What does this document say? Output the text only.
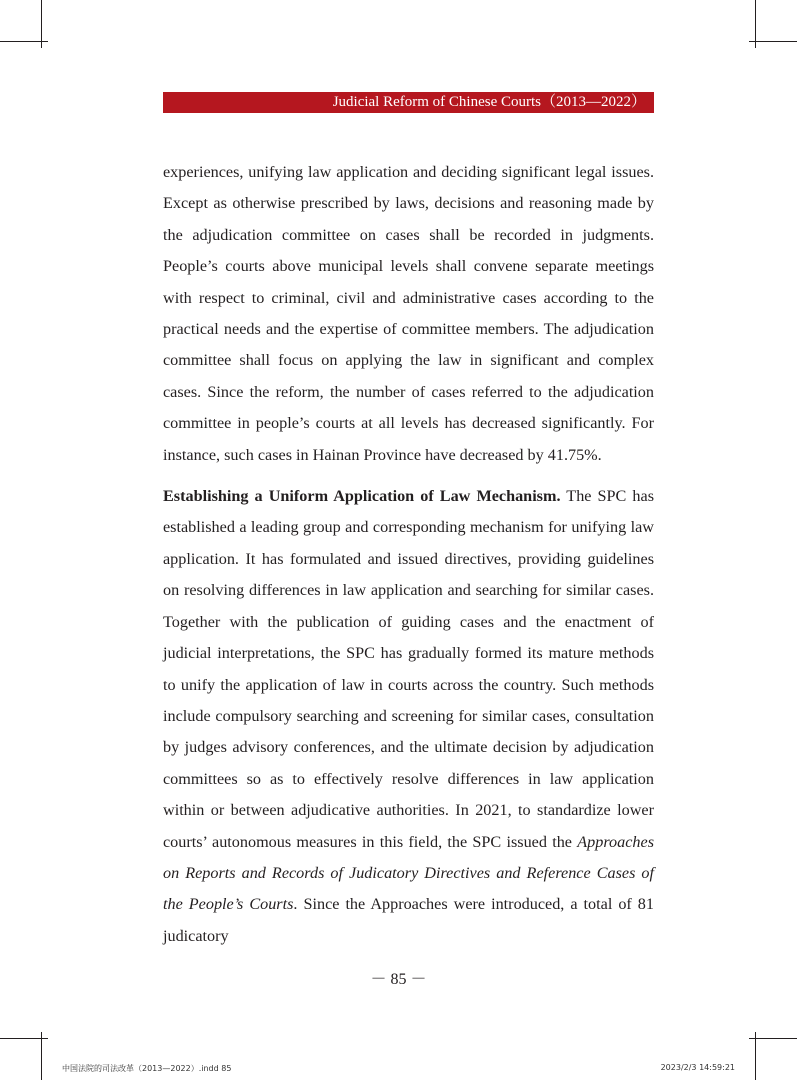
Judicial Reform of Chinese Courts（2013—2022）

experiences, unifying law application and deciding significant legal issues. Except as otherwise prescribed by laws, decisions and reasoning made by the adjudication committee on cases shall be recorded in judgments. People’s courts above municipal levels shall convene separate meetings with respect to criminal, civil and administrative cases according to the practical needs and the expertise of committee members. The adjudication committee shall focus on applying the law in significant and complex cases. Since the reform, the number of cases referred to the adjudication committee in people’s courts at all levels has decreased significantly. For instance, such cases in Hainan Province have decreased by 41.75%.

Establishing a Uniform Application of Law Mechanism. The SPC has established a leading group and corresponding mechanism for unifying law application. It has formulated and issued directives, providing guidelines on resolving differences in law application and searching for similar cases. Together with the publication of guiding cases and the enactment of judicial interpretations, the SPC has gradually formed its mature methods to unify the application of law in courts across the country. Such methods include compulsory searching and screening for similar cases, consultation by judges advisory conferences, and the ultimate decision by adjudication committees so as to effectively resolve differences in law application within or between adjudicative authorities. In 2021, to standardize lower courts’ autonomous measures in this field, the SPC issued the Approaches on Reports and Records of Judicatory Directives and Reference Cases of the People’s Courts. Since the Approaches were introduced, a total of 81 judicatory

－ 85 －
中国法院的司法改革（2013—2022）.indd 85	2023/2/3 14:59:21
